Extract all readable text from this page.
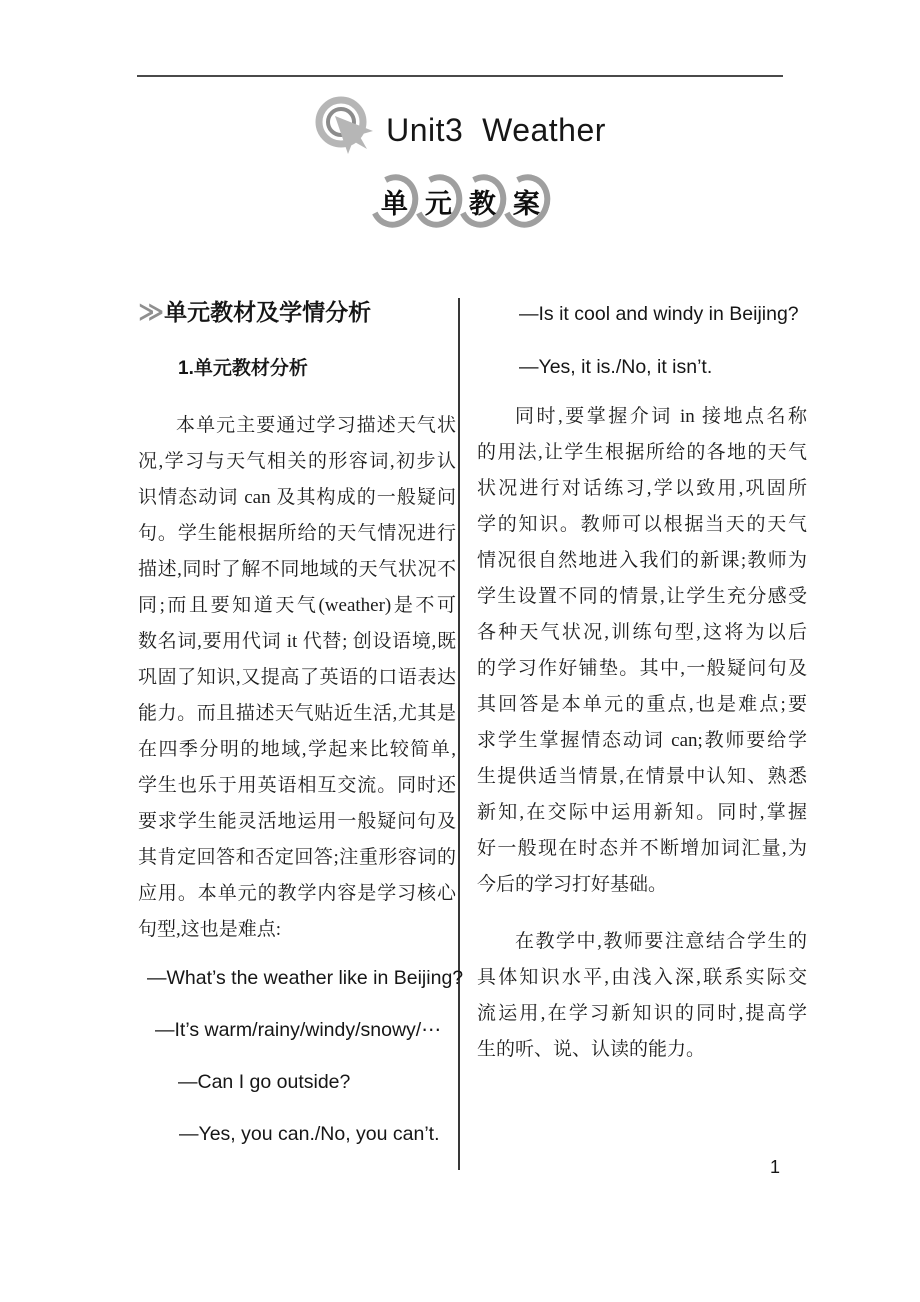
Unit3  Weather
单 元 教 案
≫ 单元教材及学情分析
1.单元教材分析
本单元主要通过学习描述天气状
况,学习与天气相关的形容词,初步认
识情态动词 can 及其构成的一般疑问
句。学生能根据所给的天气情况进行
描述,同时了解不同地域的天气状况不
同;而且要知道天气(weather)是不可
数名词,要用代词 it 代替; 创设语境,既
巩固了知识,又提高了英语的口语表达
能力。而且描述天气贴近生活,尤其是
在四季分明的地域,学起来比较简单,
学生也乐于用英语相互交流。同时还
要求学生能灵活地运用一般疑问句及
其肯定回答和否定回答;注重形容词的
应用。本单元的教学内容是学习核心
句型,这也是难点:
—What’s the weather like in Beijing?
—It’s warm/rainy/windy/snowy/⋯
—Can I go outside?
—Yes, you can./No, you can’t.
—Is it cool and windy in Beijing?
—Yes, it is./No, it isn’t.
同时,要掌握介词 in 接地点名称
的用法,让学生根据所给的各地的天气
状况进行对话练习,学以致用,巩固所
学的知识。教师可以根据当天的天气
情况很自然地进入我们的新课;教师为
学生设置不同的情景,让学生充分感受
各种天气状况,训练句型,这将为以后
的学习作好铺垫。其中,一般疑问句及
其回答是本单元的重点,也是难点;要
求学生掌握情态动词 can;教师要给学
生提供适当情景,在情景中认知、熟悉
新知,在交际中运用新知。同时,掌握
好一般现在时态并不断增加词汇量,为
今后的学习打好基础。
在教学中,教师要注意结合学生的
具体知识水平,由浅入深,联系实际交
流运用,在学习新知识的同时,提高学
生的听、说、认读的能力。
1
